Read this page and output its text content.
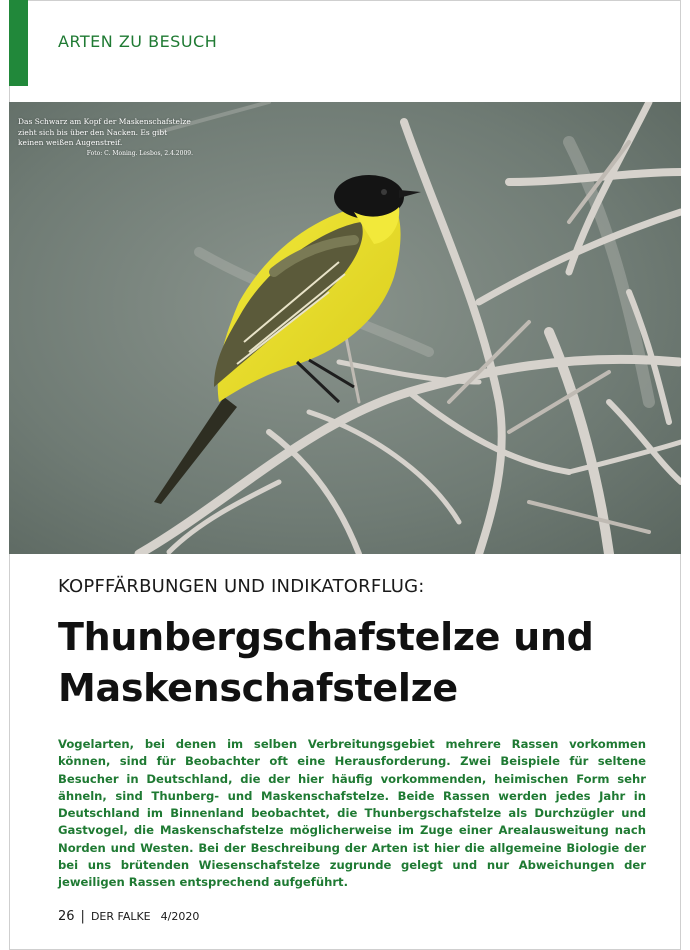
ARTEN ZU BESUCH
Das Schwarz am Kopf der Maskenschafstelze zieht sich bis über den Nacken. Es gibt keinen weißen Augenstreif.
Foto: C. Moning. Lesbos, 2.4.2009.
KOPFFÄRBUNGEN UND INDIKATORFLUG:
Thunbergschafstelze und Maskenschafstelze

Vogelarten, bei denen im selben Verbreitungsgebiet mehrere Rassen vorkommen können, sind für Beobachter oft eine Herausforderung. Zwei Beispiele für seltene Besucher in Deutschland, die der hier häufig vorkommenden, heimischen Form sehr ähneln, sind Thunberg- und Maskenschafstelze. Beide Rassen werden jedes Jahr in Deutschland im Binnenland beobachtet, die Thunbergschafstelze als Durchzügler und Gastvogel, die Maskenschafstelze möglicherweise im Zuge einer Arealausweitung nach Norden und Westen. Bei der Beschreibung der Arten ist hier die allgemeine Biologie der bei uns brütenden Wiesenschafstelze zugrunde gelegt und nur Abweichungen der jeweiligen Rassen entsprechend aufgeführt.

26 | DER FALKE 4/2020
